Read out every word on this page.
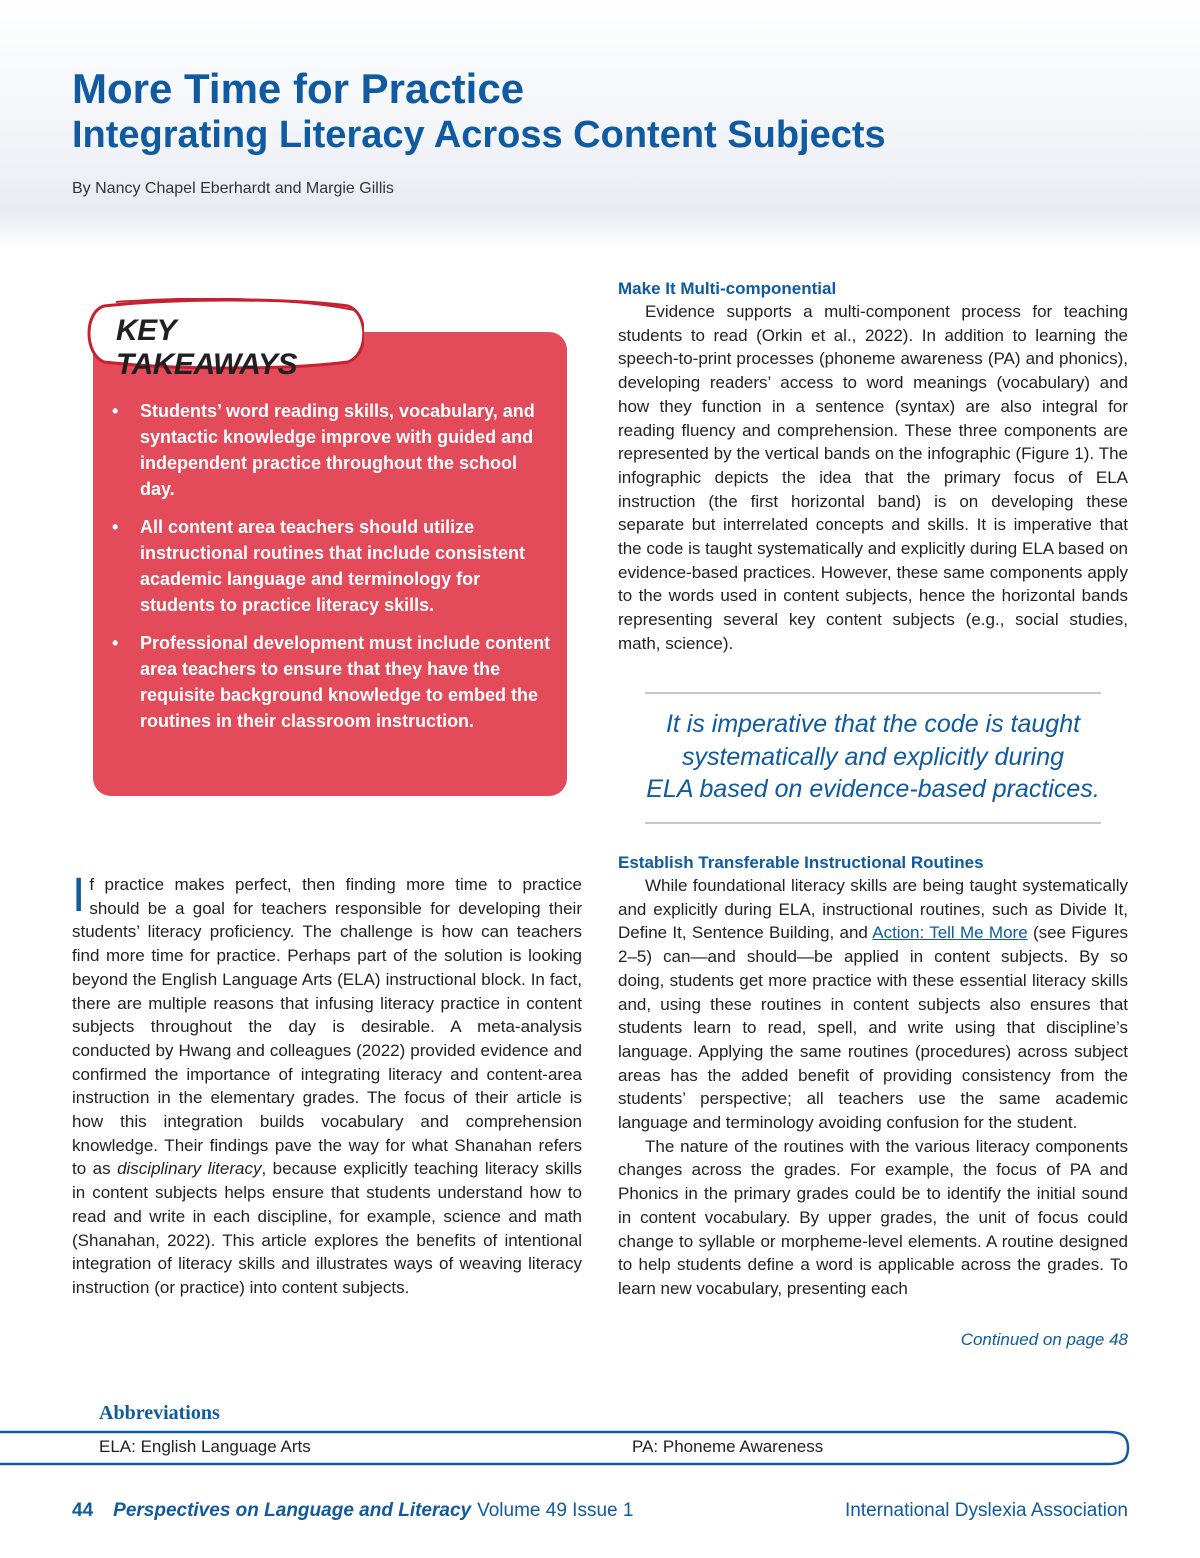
More Time for Practice
Integrating Literacy Across Content Subjects
By Nancy Chapel Eberhardt and Margie Gillis
KEY TAKEAWAYS
• Students’ word reading skills, vocabulary, and syntactic knowledge improve with guided and independent practice throughout the school day.
• All content area teachers should utilize instructional routines that include consistent academic language and terminology for students to practice literacy skills.
• Professional development must include content area teachers to ensure that they have the requisite background knowledge to embed the routines in their classroom instruction.

If practice makes perfect, then finding more time to practice should be a goal for teachers responsible for developing their students’ literacy proficiency. The challenge is how can teachers find more time for practice. Perhaps part of the solution is looking beyond the English Language Arts (ELA) instructional block. In fact, there are multiple reasons that infusing literacy practice in content subjects throughout the day is desirable. A meta-analysis conducted by Hwang and colleagues (2022) provided evidence and confirmed the importance of integrating literacy and content-area instruction in the elementary grades. The focus of their article is how this integration builds vocabulary and comprehension knowledge. Their findings pave the way for what Shanahan refers to as disciplinary literacy, because explicitly teaching literacy skills in content subjects helps ensure that students understand how to read and write in each discipline, for example, science and math (Shanahan, 2022). This article explores the benefits of intentional integration of literacy skills and illustrates ways of weaving literacy instruction (or practice) into content subjects.

Make It Multi-componential

Evidence supports a multi-component process for teaching students to read (Orkin et al., 2022). In addition to learning the speech-to-print processes (phoneme awareness (PA) and phonics), developing readers’ access to word meanings (vocabulary) and how they function in a sentence (syntax) are also integral for reading fluency and comprehension. These three components are represented by the vertical bands on the infographic (Figure 1). The infographic depicts the idea that the primary focus of ELA instruction (the first horizontal band) is on developing these separate but interrelated concepts and skills. It is imperative that the code is taught systematically and explicitly during ELA based on evidence-based practices. However, these same components apply to the words used in content subjects, hence the horizontal bands representing several key content subjects (e.g., social studies, math, science).

It is imperative that the code is taught
systematically and explicitly during
ELA based on evidence-based practices.

Establish Transferable Instructional Routines

While foundational literacy skills are being taught systematically and explicitly during ELA, instructional routines, such as Divide It, Define It, Sentence Building, and Action: Tell Me More (see Figures 2–5) can—and should—be applied in content subjects. By so doing, students get more practice with these essential literacy skills and, using these routines in content subjects also ensures that students learn to read, spell, and write using that discipline’s language. Applying the same routines (procedures) across subject areas has the added benefit of providing consistency from the students’ perspective; all teachers use the same academic language and terminology avoiding confusion for the student.

The nature of the routines with the various literacy components changes across the grades. For example, the focus of PA and Phonics in the primary grades could be to identify the initial sound in content vocabulary. By upper grades, the unit of focus could change to syllable or morpheme-level elements. A routine designed to help students define a word is applicable across the grades. To learn new vocabulary, presenting each

Continued on page 48
Abbreviations
ELA: English Language Arts	PA: Phoneme Awareness
44 Perspectives on Language and Literacy Volume 49 Issue 1	International Dyslexia Association
